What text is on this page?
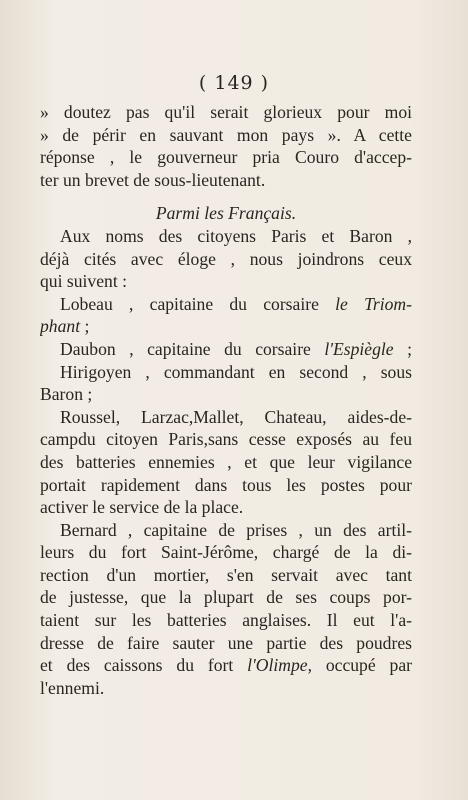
( 149 )
» doutez pas qu'il serait glorieux pour moi
» de périr en sauvant mon pays ». A cette
réponse , le gouverneur pria Couro d'accep-
ter un brevet de sous-lieutenant.
Parmi les Français.
Aux noms des citoyens Paris et Baron ,
déjà cités avec éloge , nous joindrons ceux
qui suivent :
Lobeau , capitaine du corsaire le Triom-
phant ;
Daubon , capitaine du corsaire l'Espiègle ;
Hirigoyen , commandant en second , sous
Baron ;
Roussel, Larzac,Mallet, Chateau, aides-de-
campdu citoyen Paris,sans cesse exposés au feu
des batteries ennemies , et que leur vigilance
portait rapidement dans tous les postes pour
activer le service de la place.
Bernard , capitaine de prises , un des artil-
leurs du fort Saint-Jérôme, chargé de la di-
rection d'un mortier, s'en servait avec tant
de justesse, que la plupart de ses coups por-
taient sur les batteries anglaises. Il eut l'a-
dresse de faire sauter une partie des poudres
et des caissons du fort l'Olimpe, occupé par
l'ennemi.
